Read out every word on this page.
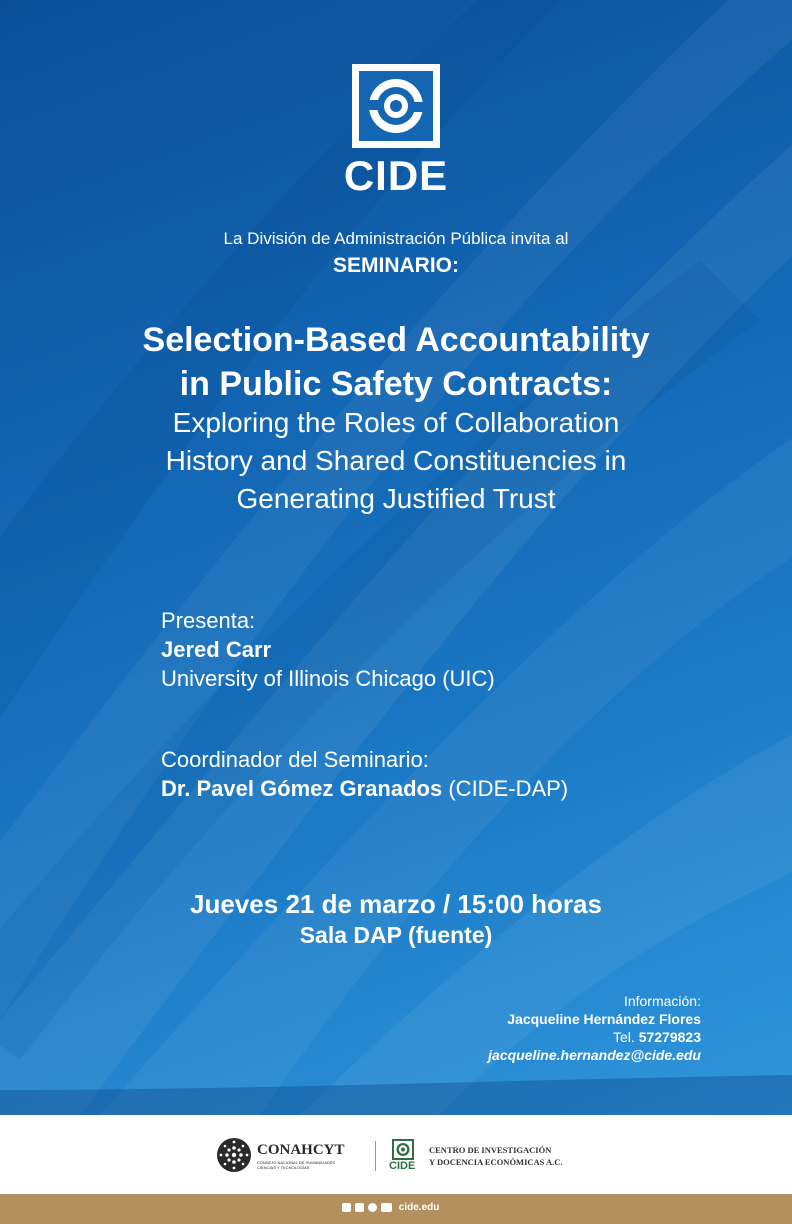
CIDE
La División de Administración Pública invita al
SEMINARIO:
Selection-Based Accountability
in Public Safety Contracts:
Exploring the Roles of Collaboration
History and Shared Constituencies in
Generating Justified Trust
Presenta:
Jered Carr
University of Illinois Chicago (UIC)
Coordinador del Seminario:
Dr. Pavel Gómez Granados (CIDE-DAP)
Jueves 21 de marzo / 15:00 horas
Sala DAP (fuente)
Información:
Jacqueline Hernández Flores
Tel. 57279823
jacqueline.hernandez@cide.edu
CONAHCYT
CONSEJO NACIONAL DE HUMANIDADES
CIENCIAS Y TECNOLOGÍAS	CIDE
CENTRO DE INVESTIGACIÓN
Y DOCENCIA ECONÓMICAS A.C.
cide.edu
